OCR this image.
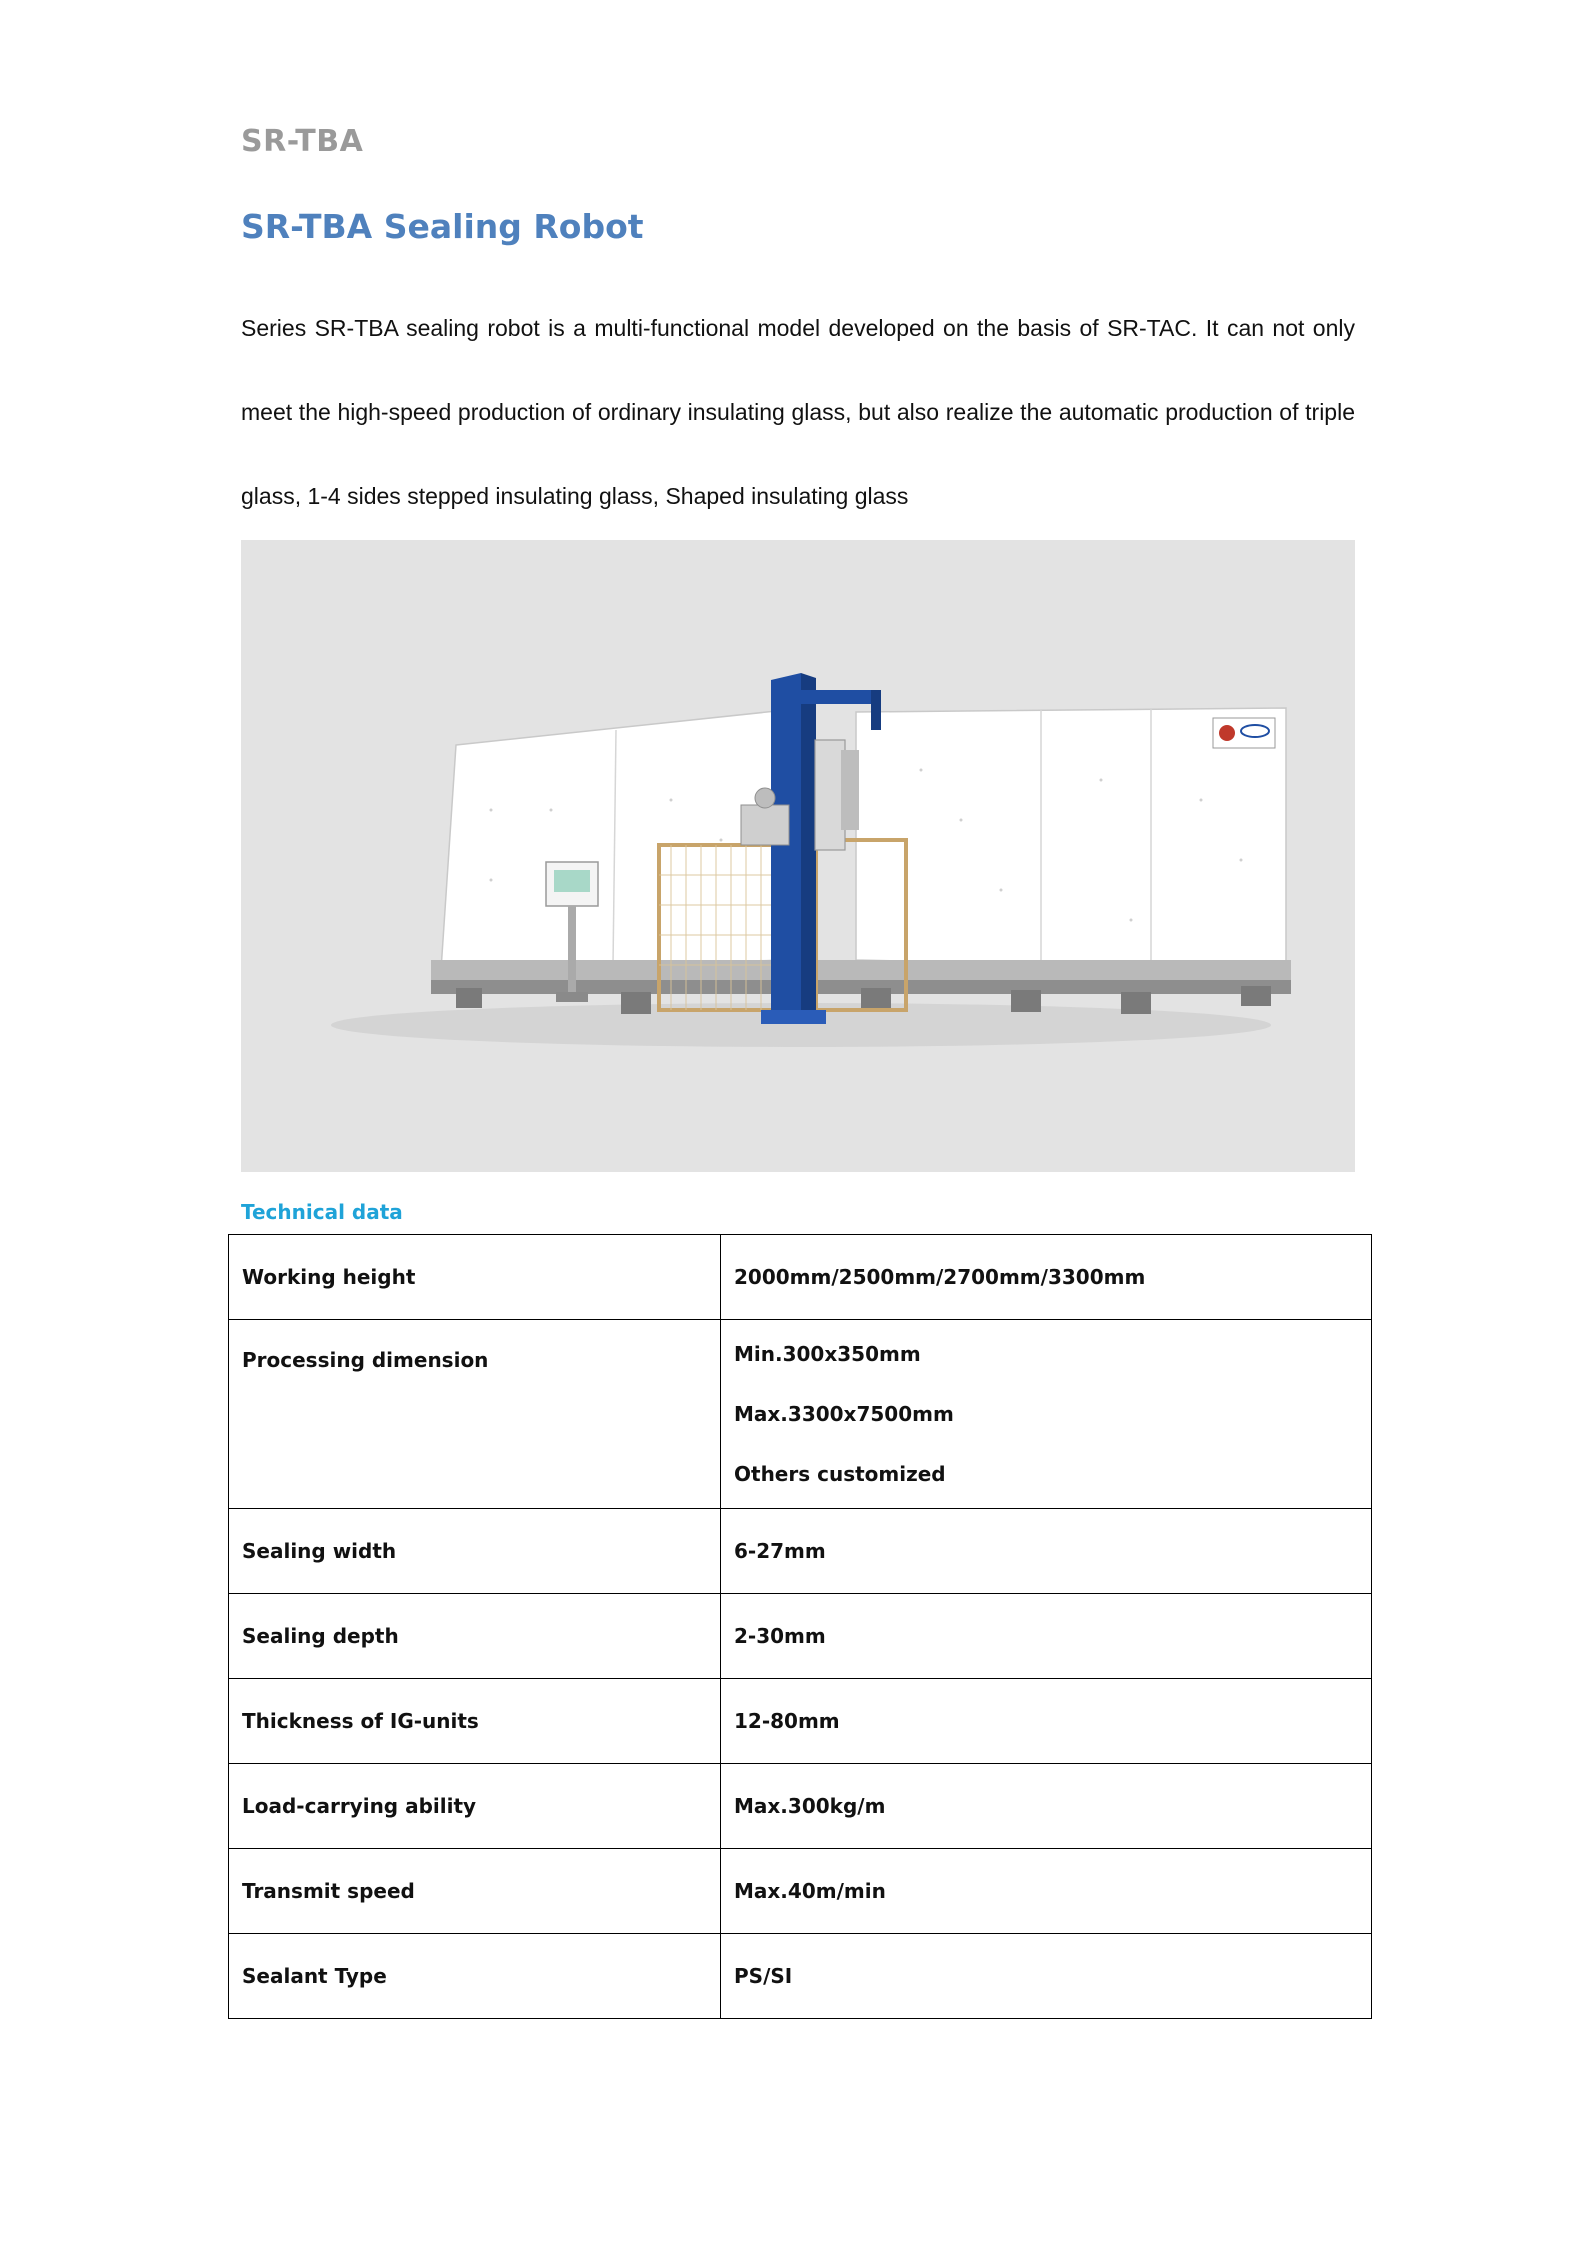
SR-TBA
SR-TBA Sealing Robot

Series SR-TBA sealing robot is a multi-functional model developed on the basis of SR-TAC. It can not only meet the high-speed production of ordinary insulating glass, but also realize the automatic production of triple glass, 1-4 sides stepped insulating glass, Shaped insulating glass

Technical data
Working height	2000mm/2500mm/2700mm/3300mm
Processing dimension	Min.300x350mm
Max.3300x7500mm
Others customized

Sealing width	6-27mm
Sealing depth	2-30mm
Thickness of IG-units	12-80mm
Load-carrying ability	Max.300kg/m
Transmit speed	Max.40m/min
Sealant Type	PS/SI
